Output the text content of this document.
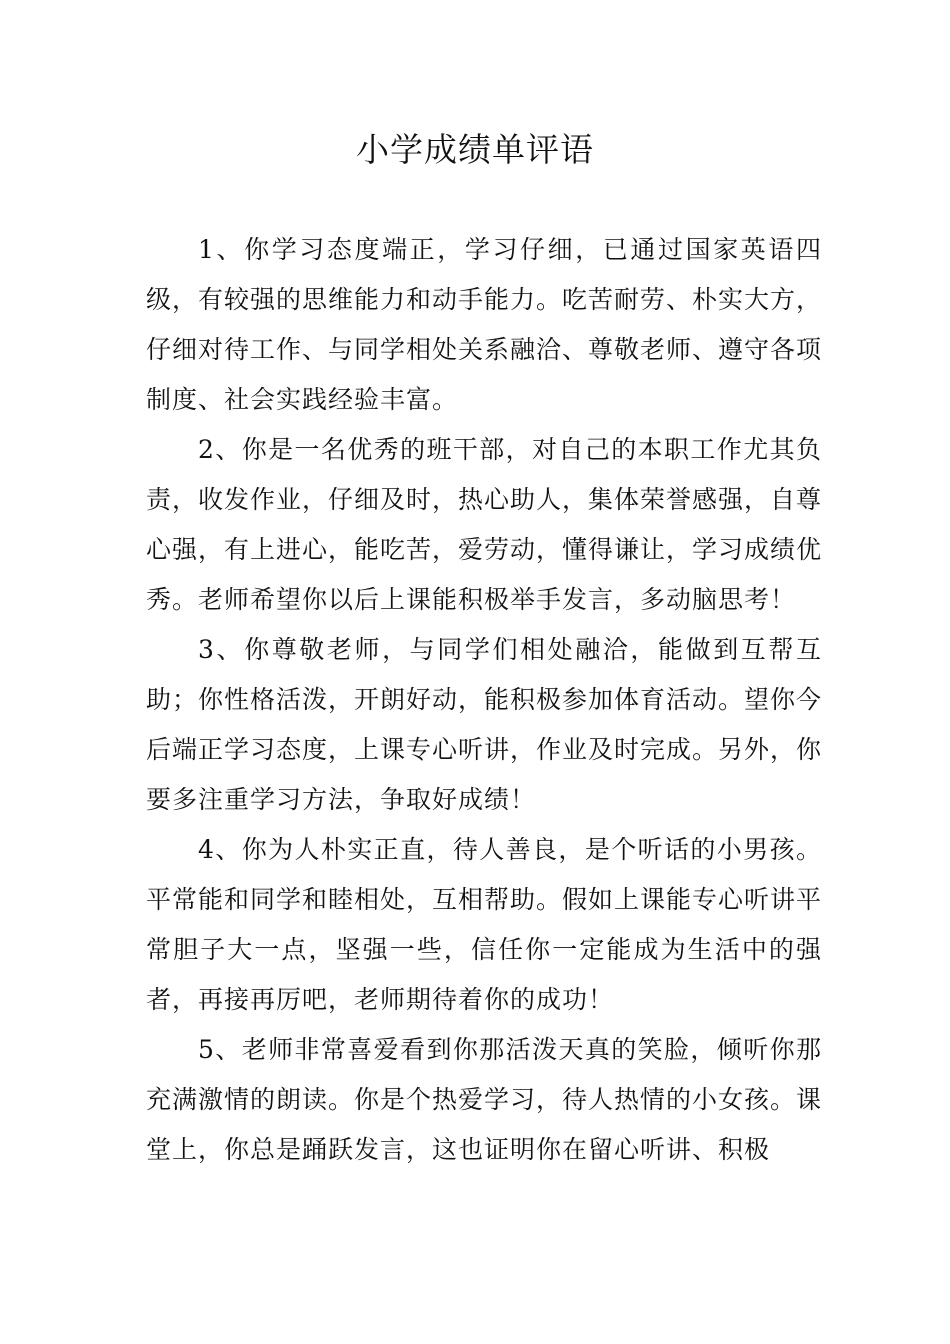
小学成绩单评语

1、你学习态度端正，学习仔细，已通过国家英语四级，有较强的思维能力和动手能力。吃苦耐劳、朴实大方，仔细对待工作、与同学相处关系融洽、尊敬老师、遵守各项制度、社会实践经验丰富。

2、你是一名优秀的班干部，对自己的本职工作尤其负责，收发作业，仔细及时，热心助人，集体荣誉感强，自尊心强，有上进心，能吃苦，爱劳动，懂得谦让，学习成绩优秀。老师希望你以后上课能积极举手发言，多动脑思考！

3、你尊敬老师，与同学们相处融洽，能做到互帮互助；你性格活泼，开朗好动，能积极参加体育活动。望你今后端正学习态度，上课专心听讲，作业及时完成。另外，你要多注重学习方法，争取好成绩！

4、你为人朴实正直，待人善良，是个听话的小男孩。平常能和同学和睦相处，互相帮助。假如上课能专心听讲平常胆子大一点，坚强一些，信任你一定能成为生活中的强者，再接再厉吧，老师期待着你的成功！

5、老师非常喜爱看到你那活泼天真的笑脸，倾听你那充满激情的朗读。你是个热爱学习，待人热情的小女孩。课堂上，你总是踊跃发言，这也证明你在留心听讲、积极
